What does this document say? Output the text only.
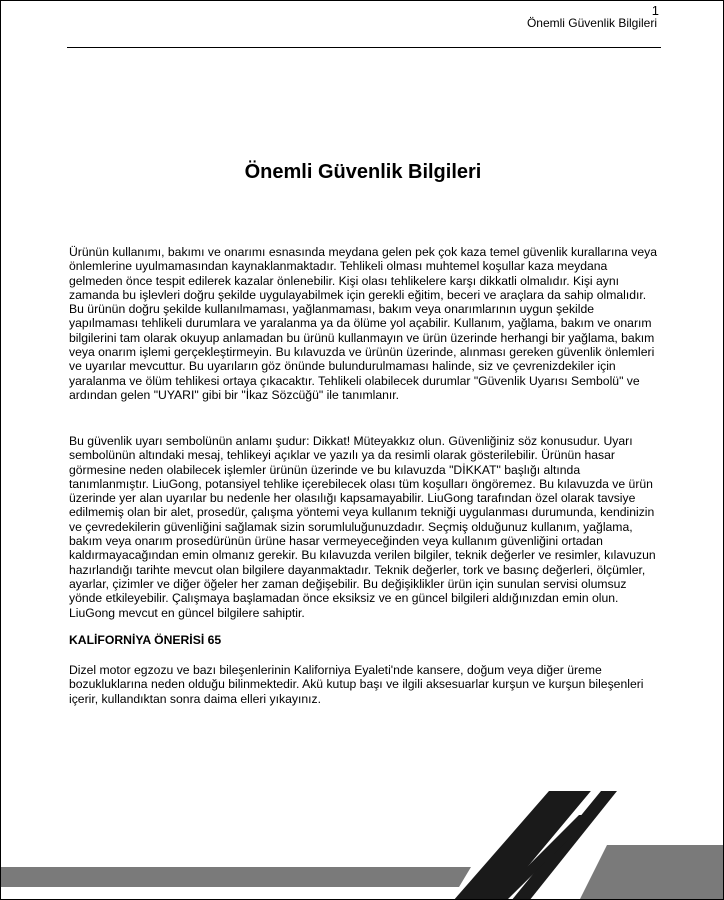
1
Önemli Güvenlik Bilgileri
Önemli Güvenlik Bilgileri

Ürünün kullanımı, bakımı ve onarımı esnasında meydana gelen pek çok kaza temel güvenlik kurallarına veya önlemlerine uyulmamasından kaynaklanmaktadır. Tehlikeli olması muhtemel koşullar kaza meydana gelmeden önce tespit edilerek kazalar önlenebilir. Kişi olası tehlikelere karşı dikkatli olmalıdır. Kişi aynı zamanda bu işlevleri doğru şekilde uygulayabilmek için gerekli eğitim, beceri ve araçlara da sahip olmalıdır. Bu ürünün doğru şekilde kullanılmaması, yağlanmaması, bakım veya onarımlarının uygun şekilde yapılmaması tehlikeli durumlara ve yaralanma ya da ölüme yol açabilir. Kullanım, yağlama, bakım ve onarım bilgilerini tam olarak okuyup anlamadan bu ürünü kullanmayın ve ürün üzerinde herhangi bir yağlama, bakım veya onarım işlemi gerçekleştirmeyin. Bu kılavuzda ve ürünün üzerinde, alınması gereken güvenlik önlemleri ve uyarılar mevcuttur. Bu uyarıların göz önünde bulundurulmaması halinde, siz ve çevrenizdekiler için yaralanma ve ölüm tehlikesi ortaya çıkacaktır. Tehlikeli olabilecek durumlar "Güvenlik Uyarısı Sembolü" ve ardından gelen "UYARI" gibi bir "İkaz Sözcüğü" ile tanımlanır.

Bu güvenlik uyarı sembolünün anlamı şudur: Dikkat! Müteyakkız olun. Güvenliğiniz söz konusudur. Uyarı sembolünün altındaki mesaj, tehlikeyi açıklar ve yazılı ya da resimli olarak gösterilebilir. Ürünün hasar görmesine neden olabilecek işlemler ürünün üzerinde ve bu kılavuzda "DİKKAT" başlığı altında tanımlanmıştır. LiuGong, potansiyel tehlike içerebilecek olası tüm koşulları öngöremez. Bu kılavuzda ve ürün üzerinde yer alan uyarılar bu nedenle her olasılığı kapsamayabilir. LiuGong tarafından özel olarak tavsiye edilmemiş olan bir alet, prosedür, çalışma yöntemi veya kullanım tekniği uygulanması durumunda, kendinizin ve çevredekilerin güvenliğini sağlamak sizin sorumluluğunuzdadır. Seçmiş olduğunuz kullanım, yağlama, bakım veya onarım prosedürünün ürüne hasar vermeyeceğinden veya kullanım güvenliğini ortadan kaldırmayacağından emin olmanız gerekir. Bu kılavuzda verilen bilgiler, teknik değerler ve resimler, kılavuzun hazırlandığı tarihte mevcut olan bilgilere dayanmaktadır. Teknik değerler, tork ve basınç değerleri, ölçümler, ayarlar, çizimler ve diğer öğeler her zaman değişebilir. Bu değişiklikler ürün için sunulan servisi olumsuz yönde etkileyebilir. Çalışmaya başlamadan önce eksiksiz ve en güncel bilgileri aldığınızdan emin olun. LiuGong mevcut en güncel bilgilere sahiptir.

KALİFORNİYA ÖNERİSİ 65

Dizel motor egzozu ve bazı bileşenlerinin Kaliforniya Eyaleti'nde kansere, doğum veya diğer üreme bozukluklarına neden olduğu bilinmektedir. Akü kutup başı ve ilgili aksesuarlar kurşun ve kurşun bileşenleri içerir, kullandıktan sonra daima elleri yıkayınız.
